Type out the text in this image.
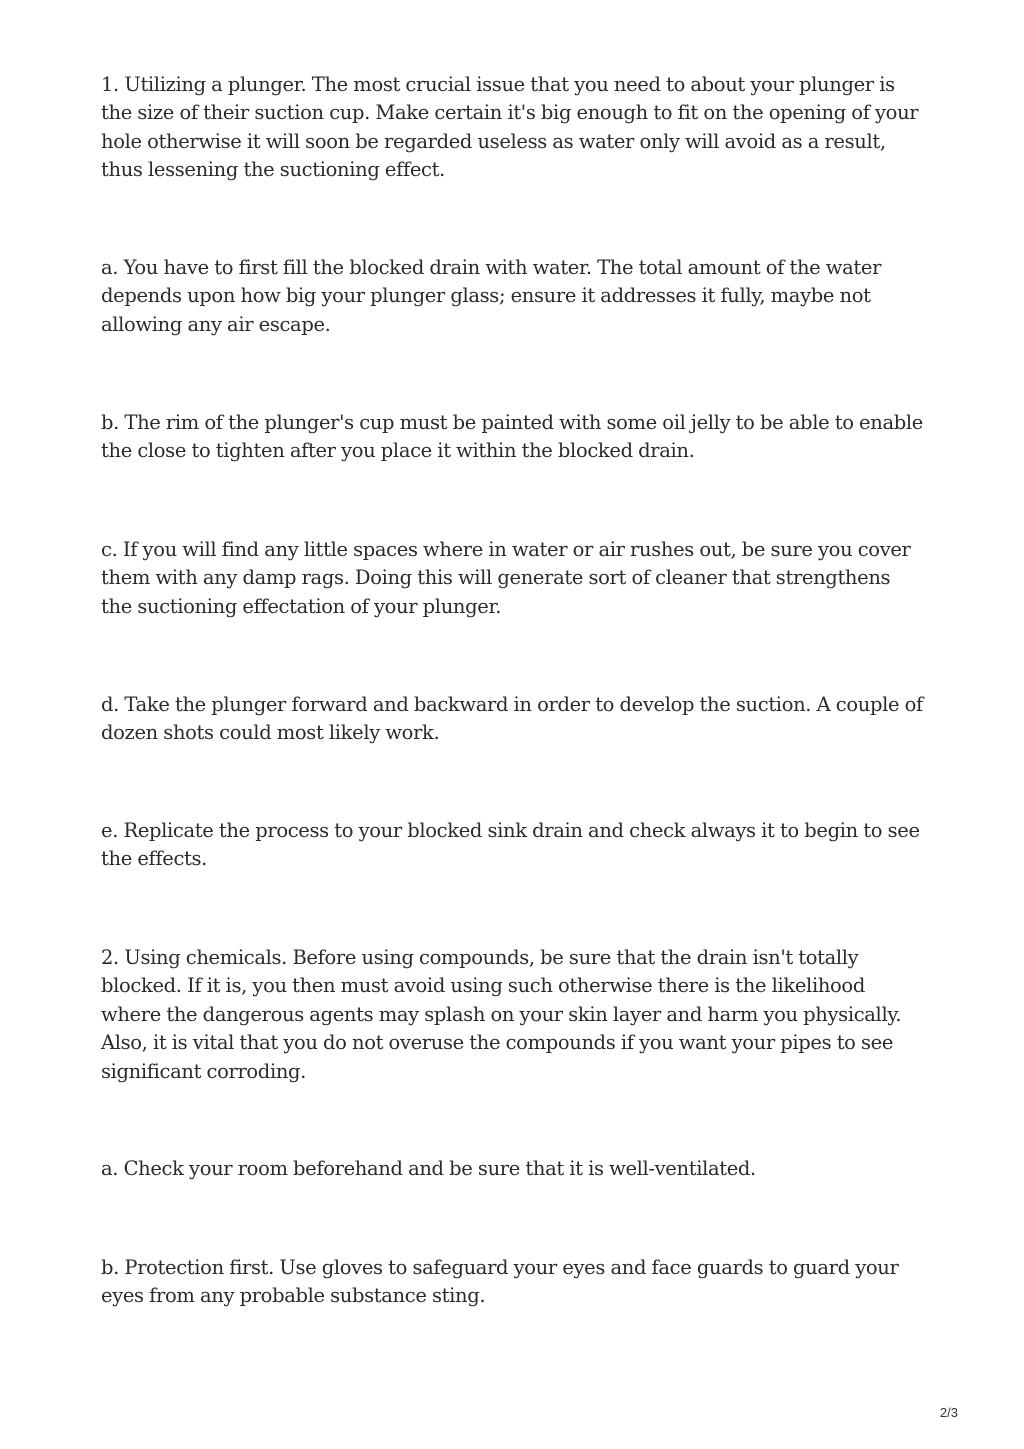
1. Utilizing a plunger. The most crucial issue that you need to about your plunger is the size of their suction cup. Make certain it's big enough to fit on the opening of your hole otherwise it will soon be regarded useless as water only will avoid as a result, thus lessening the suctioning effect.

a. You have to first fill the blocked drain with water. The total amount of the water depends upon how big your plunger glass; ensure it addresses it fully, maybe not allowing any air escape.

b. The rim of the plunger's cup must be painted with some oil jelly to be able to enable the close to tighten after you place it within the blocked drain.

c. If you will find any little spaces where in water or air rushes out, be sure you cover them with any damp rags. Doing this will generate sort of cleaner that strengthens the suctioning effectation of your plunger.

d. Take the plunger forward and backward in order to develop the suction. A couple of dozen shots could most likely work.

e. Replicate the process to your blocked sink drain and check always it to begin to see the effects.

2. Using chemicals. Before using compounds, be sure that the drain isn't totally blocked. If it is, you then must avoid using such otherwise there is the likelihood where the dangerous agents may splash on your skin layer and harm you physically. Also, it is vital that you do not overuse the compounds if you want your pipes to see significant corroding.

a. Check your room beforehand and be sure that it is well-ventilated.

b. Protection first. Use gloves to safeguard your eyes and face guards to guard your eyes from any probable substance sting.

2/3
